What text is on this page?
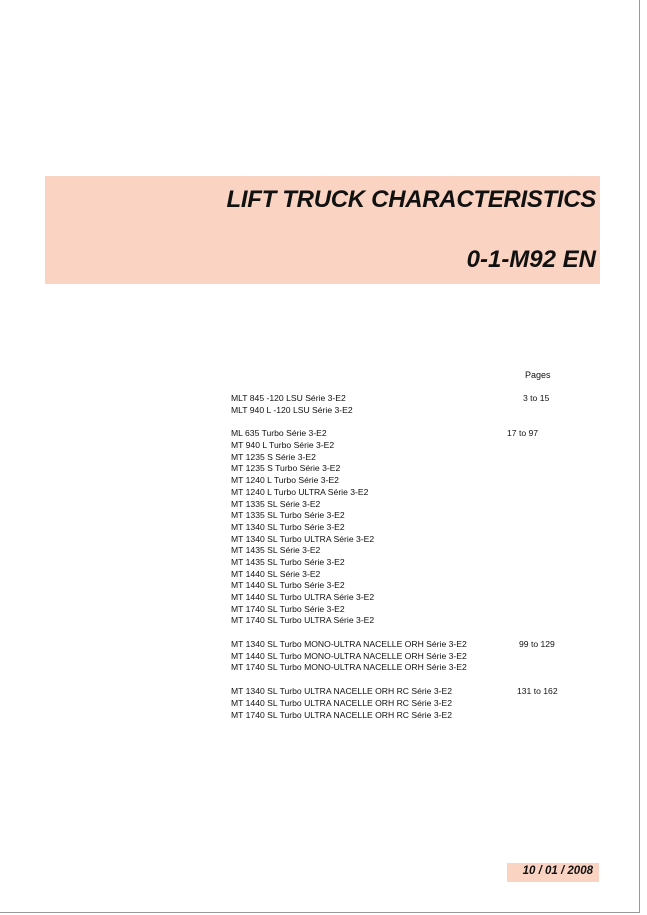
LIFT TRUCK CHARACTERISTICS
0-1-M92 EN
Pages
MLT 845 -120 LSU Série 3-E2	3 to 15
MLT 940 L -120 LSU Série 3-E2
ML 635 Turbo Série 3-E2	17 to 97
MT 940 L Turbo Série 3-E2
MT 1235 S Série 3-E2
MT 1235 S Turbo Série 3-E2
MT 1240 L Turbo Série 3-E2
MT 1240 L Turbo ULTRA Série 3-E2
MT 1335 SL Série 3-E2
MT 1335 SL Turbo Série 3-E2
MT 1340 SL Turbo Série 3-E2
MT 1340 SL Turbo ULTRA Série 3-E2
MT 1435 SL Série 3-E2
MT 1435 SL Turbo Série 3-E2
MT 1440 SL Série 3-E2
MT 1440 SL Turbo Série 3-E2
MT 1440 SL Turbo ULTRA Série 3-E2
MT 1740 SL Turbo Série 3-E2
MT 1740 SL Turbo ULTRA Série 3-E2
MT 1340 SL Turbo MONO-ULTRA NACELLE ORH Série 3-E2	99 to 129
MT 1440 SL Turbo MONO-ULTRA NACELLE ORH Série 3-E2
MT 1740 SL Turbo MONO-ULTRA NACELLE ORH Série 3-E2
MT 1340 SL Turbo ULTRA NACELLE ORH RC Série 3-E2	131 to 162
MT 1440 SL Turbo ULTRA NACELLE ORH RC Série 3-E2
MT 1740 SL Turbo ULTRA NACELLE ORH RC Série 3-E2
10 / 01 / 2008
